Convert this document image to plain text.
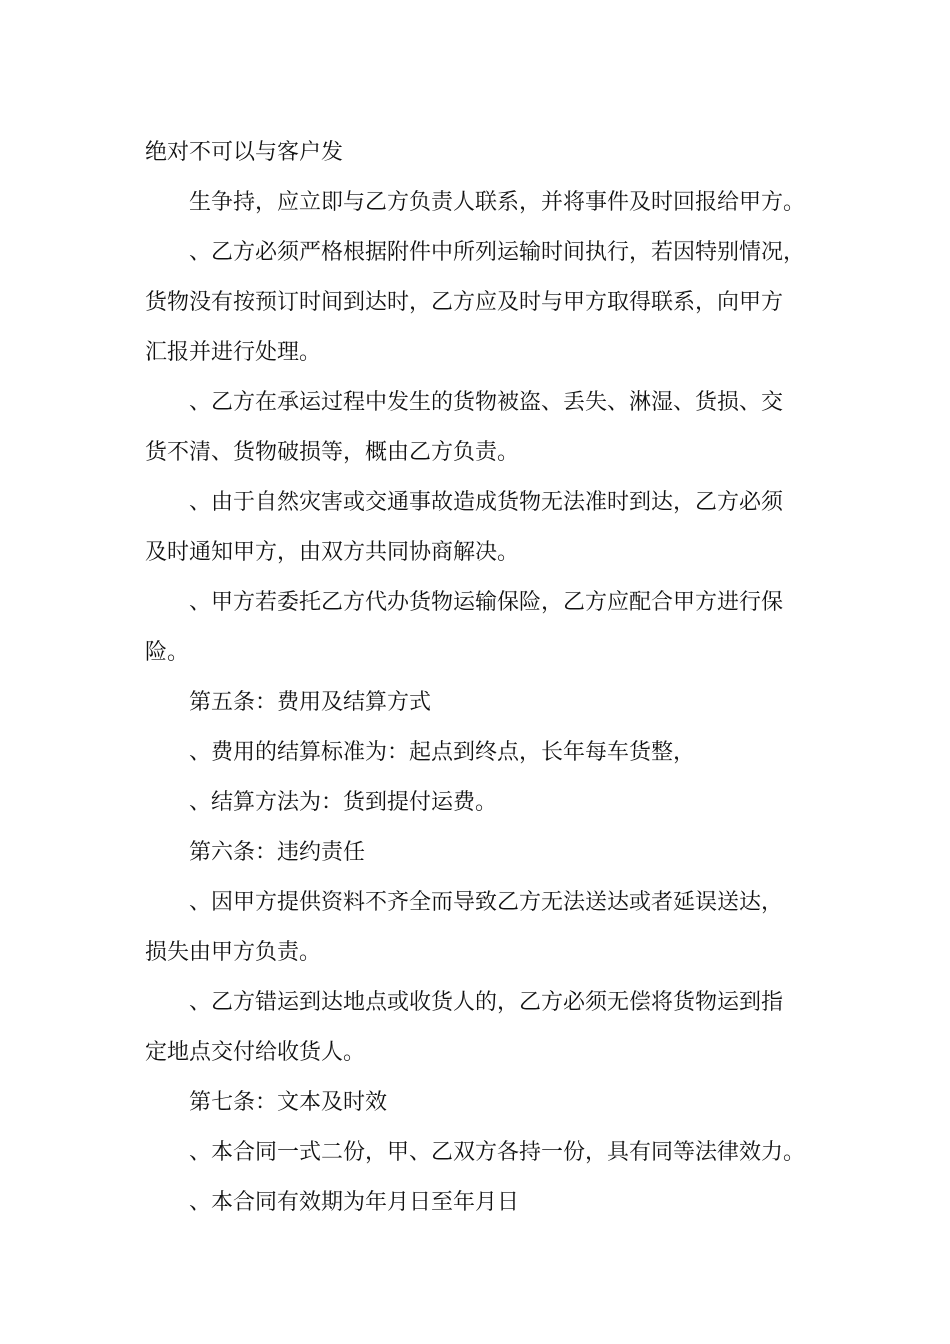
绝对不可以与客户发
生争持，应立即与乙方负责人联系，并将事件及时回报给甲方。
、乙方必须严格根据附件中所列运输时间执行，若因特别情况，
货物没有按预订时间到达时，乙方应及时与甲方取得联系，向甲方
汇报并进行处理。
、乙方在承运过程中发生的货物被盗、丢失、淋湿、货损、交
货不清、货物破损等，概由乙方负责。
、由于自然灾害或交通事故造成货物无法准时到达，乙方必须
及时通知甲方，由双方共同协商解决。
、甲方若委托乙方代办货物运输保险，乙方应配合甲方进行保
险。
第五条：费用及结算方式
、费用的结算标准为：起点到终点，长年每车货整，
、结算方法为：货到提付运费。
第六条：违约责任
、因甲方提供资料不齐全而导致乙方无法送达或者延误送达，
损失由甲方负责。
、乙方错运到达地点或收货人的，乙方必须无偿将货物运到指
定地点交付给收货人。
第七条：文本及时效
、本合同一式二份，甲、乙双方各持一份，具有同等法律效力。
、本合同有效期为年月日至年月日
